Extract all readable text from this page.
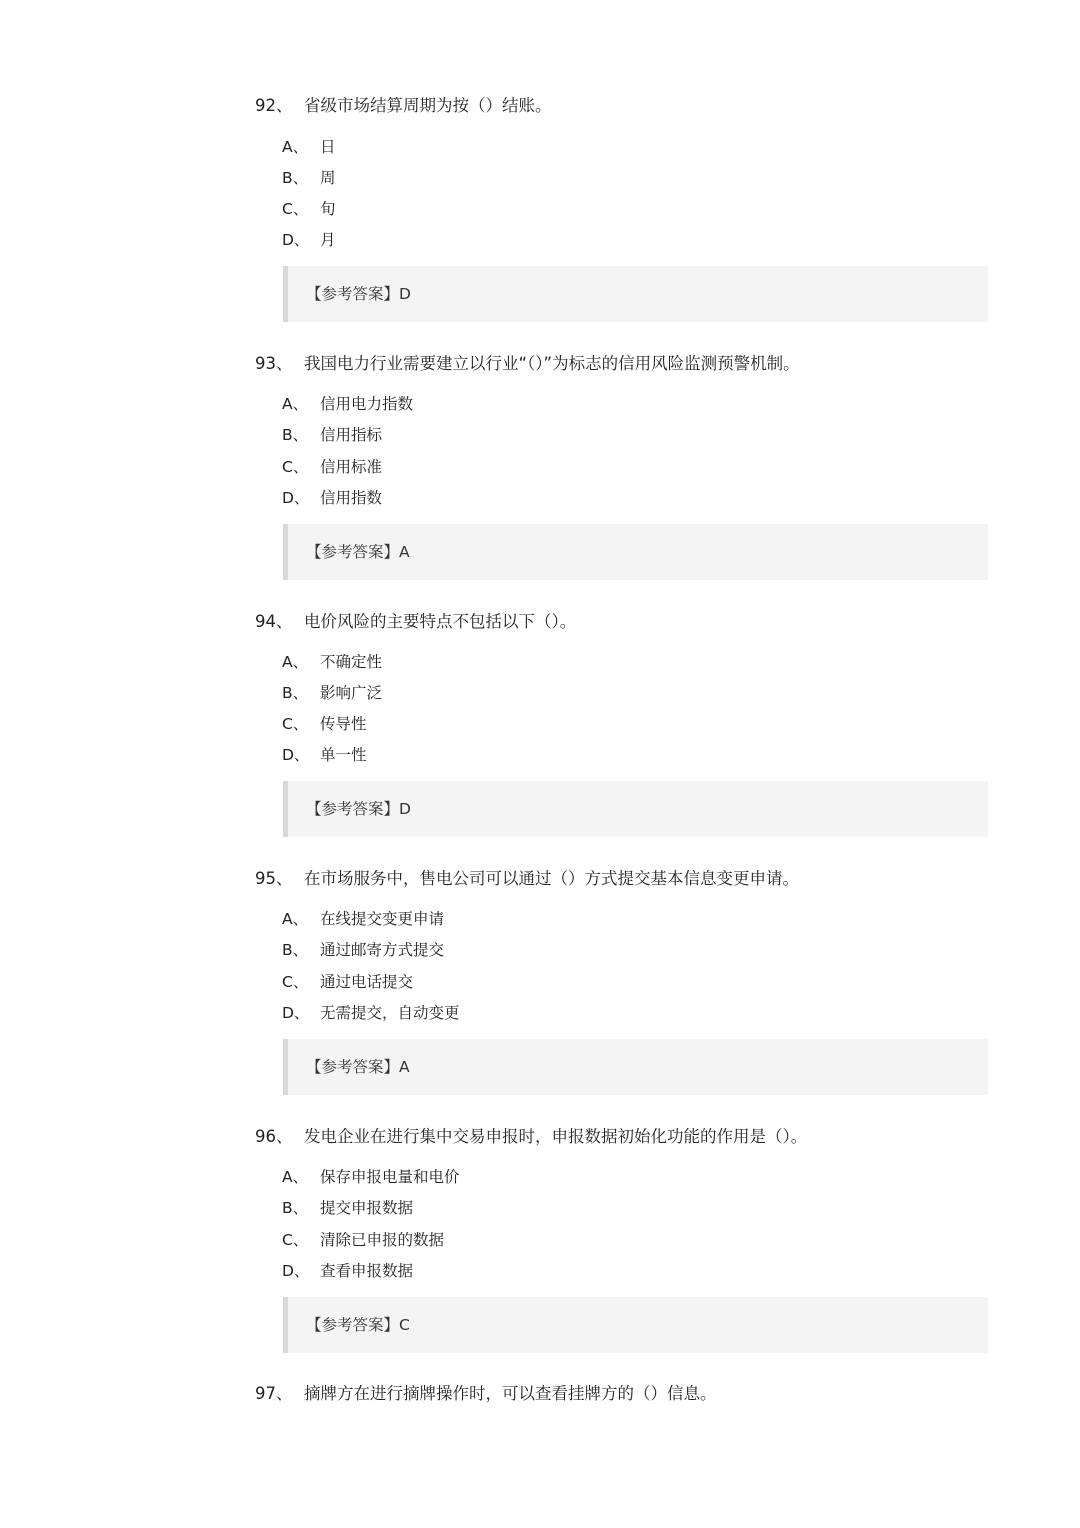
92、 省级市场结算周期为按（）结账。
A、 日
B、 周
C、 旬
D、 月
【参考答案】D
93、 我国电力行业需要建立以行业“（）”为标志的信用风险监测预警机制。
A、 信用电力指数
B、 信用指标
C、 信用标准
D、 信用指数
【参考答案】A
94、 电价风险的主要特点不包括以下（）。
A、 不确定性
B、 影响广泛
C、 传导性
D、 单一性
【参考答案】D
95、 在市场服务中，售电公司可以通过（）方式提交基本信息变更申请。
A、 在线提交变更申请
B、 通过邮寄方式提交
C、 通过电话提交
D、 无需提交，自动变更
【参考答案】A
96、 发电企业在进行集中交易申报时，申报数据初始化功能的作用是（）。
A、 保存申报电量和电价
B、 提交申报数据
C、 清除已申报的数据
D、 查看申报数据
【参考答案】C
97、 摘牌方在进行摘牌操作时，可以查看挂牌方的（）信息。
